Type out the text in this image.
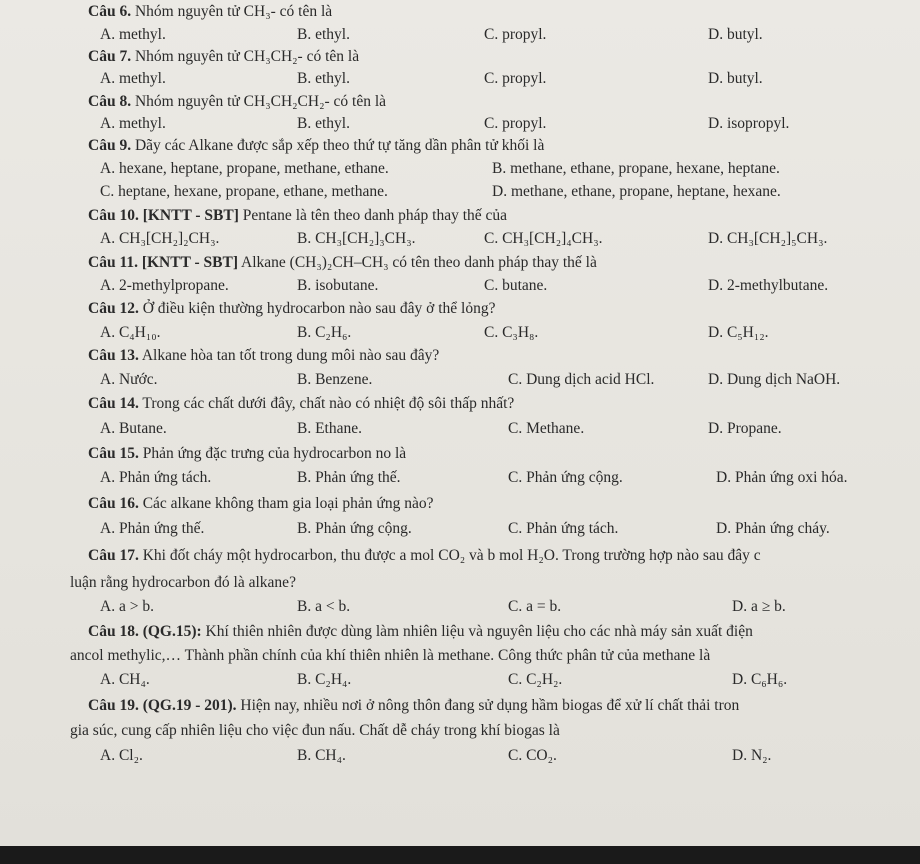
Câu 6. Nhóm nguyên tử CH₃- có tên là
A. methyl.	B. ethyl.	C. propyl.	D. butyl.
Câu 7. Nhóm nguyên tử CH₃CH₂- có tên là
A. methyl.	B. ethyl.	C. propyl.	D. butyl.
Câu 8. Nhóm nguyên tử CH₃CH₂CH₂- có tên là
A. methyl.	B. ethyl.	C. propyl.	D. isopropyl.
Câu 9. Dãy các Alkane được sắp xếp theo thứ tự tăng dần phân tử khối là
A. hexane, heptane, propane, methane, ethane.	B. methane, ethane, propane, hexane, heptane.
C. heptane, hexane, propane, ethane, methane.	D. methane, ethane, propane, heptane, hexane.
Câu 10. [KNTT - SBT] Pentane là tên theo danh pháp thay thế của
A. CH₃[CH₂]₂CH₃.	B. CH₃[CH₂]₃CH₃.	C. CH₃[CH₂]₄CH₃.	D. CH₃[CH₂]₅CH₃.
Câu 11. [KNTT - SBT] Alkane (CH₃)₂CH–CH₃ có tên theo danh pháp thay thế là
A. 2-methylpropane.	B. isobutane.	C. butane.	D. 2-methylbutane.
Câu 12. Ở điều kiện thường hydrocarbon nào sau đây ở thể lỏng?
A. C₄H₁₀.	B. C₂H₆.	C. C₃H₈.	D. C₅H₁₂.
Câu 13. Alkane hòa tan tốt trong dung môi nào sau đây?
A. Nước.	B. Benzene.	C. Dung dịch acid HCl.	D. Dung dịch NaOH.
Câu 14. Trong các chất dưới đây, chất nào có nhiệt độ sôi thấp nhất?
A. Butane.	B. Ethane.	C. Methane.	D. Propane.
Câu 15. Phản ứng đặc trưng của hydrocarbon no là
A. Phản ứng tách.	B. Phản ứng thế.	C. Phản ứng cộng.	D. Phản ứng oxi hóa.
Câu 16. Các alkane không tham gia loại phản ứng nào?
A. Phản ứng thế.	B. Phản ứng cộng.	C. Phản ứng tách.	D. Phản ứng cháy.
Câu 17. Khi đốt cháy một hydrocarbon, thu được a mol CO₂ và b mol H₂O. Trong trường hợp nào sau đây c
luận rằng hydrocarbon đó là alkane?
A. a > b.	B. a < b.	C. a = b.	D. a ≥ b.
Câu 18. (QG.15): Khí thiên nhiên được dùng làm nhiên liệu và nguyên liệu cho các nhà máy sản xuất điện
ancol methylic,… Thành phần chính của khí thiên nhiên là methane. Công thức phân tử của methane là
A. CH₄.	B. C₂H₄.	C. C₂H₂.	D. C₆H₆.
Câu 19. (QG.19 - 201). Hiện nay, nhiều nơi ở nông thôn đang sử dụng hầm biogas để xử lí chất thải tron
gia súc, cung cấp nhiên liệu cho việc đun nấu. Chất dễ cháy trong khí biogas là
A. Cl₂.	B. CH₄.	C. CO₂.	D. N₂.
